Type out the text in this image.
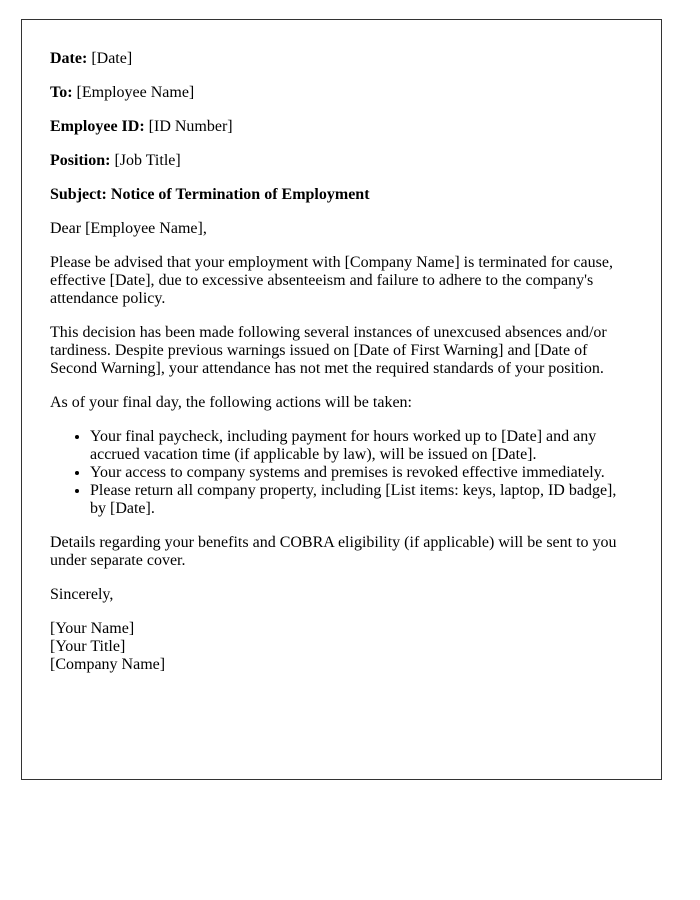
Date: [Date]

To: [Employee Name]

Employee ID: [ID Number]

Position: [Job Title]

Subject: Notice of Termination of Employment

Dear [Employee Name],

Please be advised that your employment with [Company Name] is terminated for cause, effective [Date], due to excessive absenteeism and failure to adhere to the company's attendance policy.

This decision has been made following several instances of unexcused absences and/or tardiness. Despite previous warnings issued on [Date of First Warning] and [Date of Second Warning], your attendance has not met the required standards of your position.

As of your final day, the following actions will be taken:

• Your final paycheck, including payment for hours worked up to [Date] and any accrued vacation time (if applicable by law), will be issued on [Date].
• Your access to company systems and premises is revoked effective immediately.
• Please return all company property, including [List items: keys, laptop, ID badge], by [Date].

Details regarding your benefits and COBRA eligibility (if applicable) will be sent to you under separate cover.

Sincerely,

[Your Name]
[Your Title]
[Company Name]
